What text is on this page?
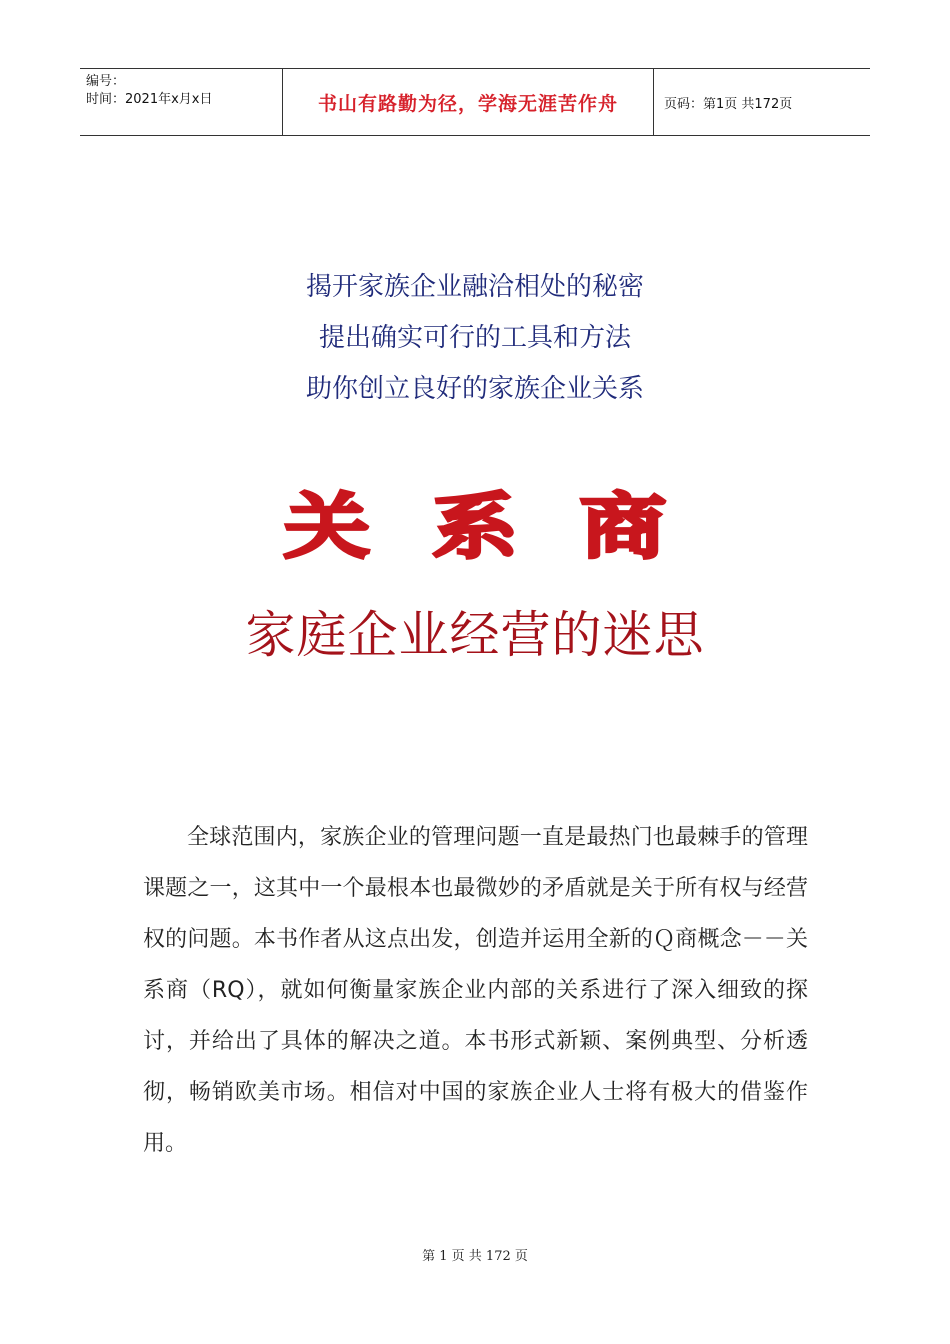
编号：
时间：2021年x月x日	书山有路勤为径，学海无涯苦作舟	页码：第1页 共172页
揭开家族企业融洽相处的秘密
提出确实可行的工具和方法
助你创立良好的家族企业关系
关系商
家庭企业经营的迷思

全球范围内，家族企业的管理问题一直是最热门也最棘手的管理课题之一，这其中一个最根本也最微妙的矛盾就是关于所有权与经营权的问题。本书作者从这点出发，创造并运用全新的Ｑ商概念－－关系商（RQ），就如何衡量家族企业内部的关系进行了深入细致的探讨，并给出了具体的解决之道。本书形式新颖、案例典型、分析透彻，畅销欧美市场。相信对中国的家族企业人士将有极大的借鉴作用。

第 1 页 共 172 页
